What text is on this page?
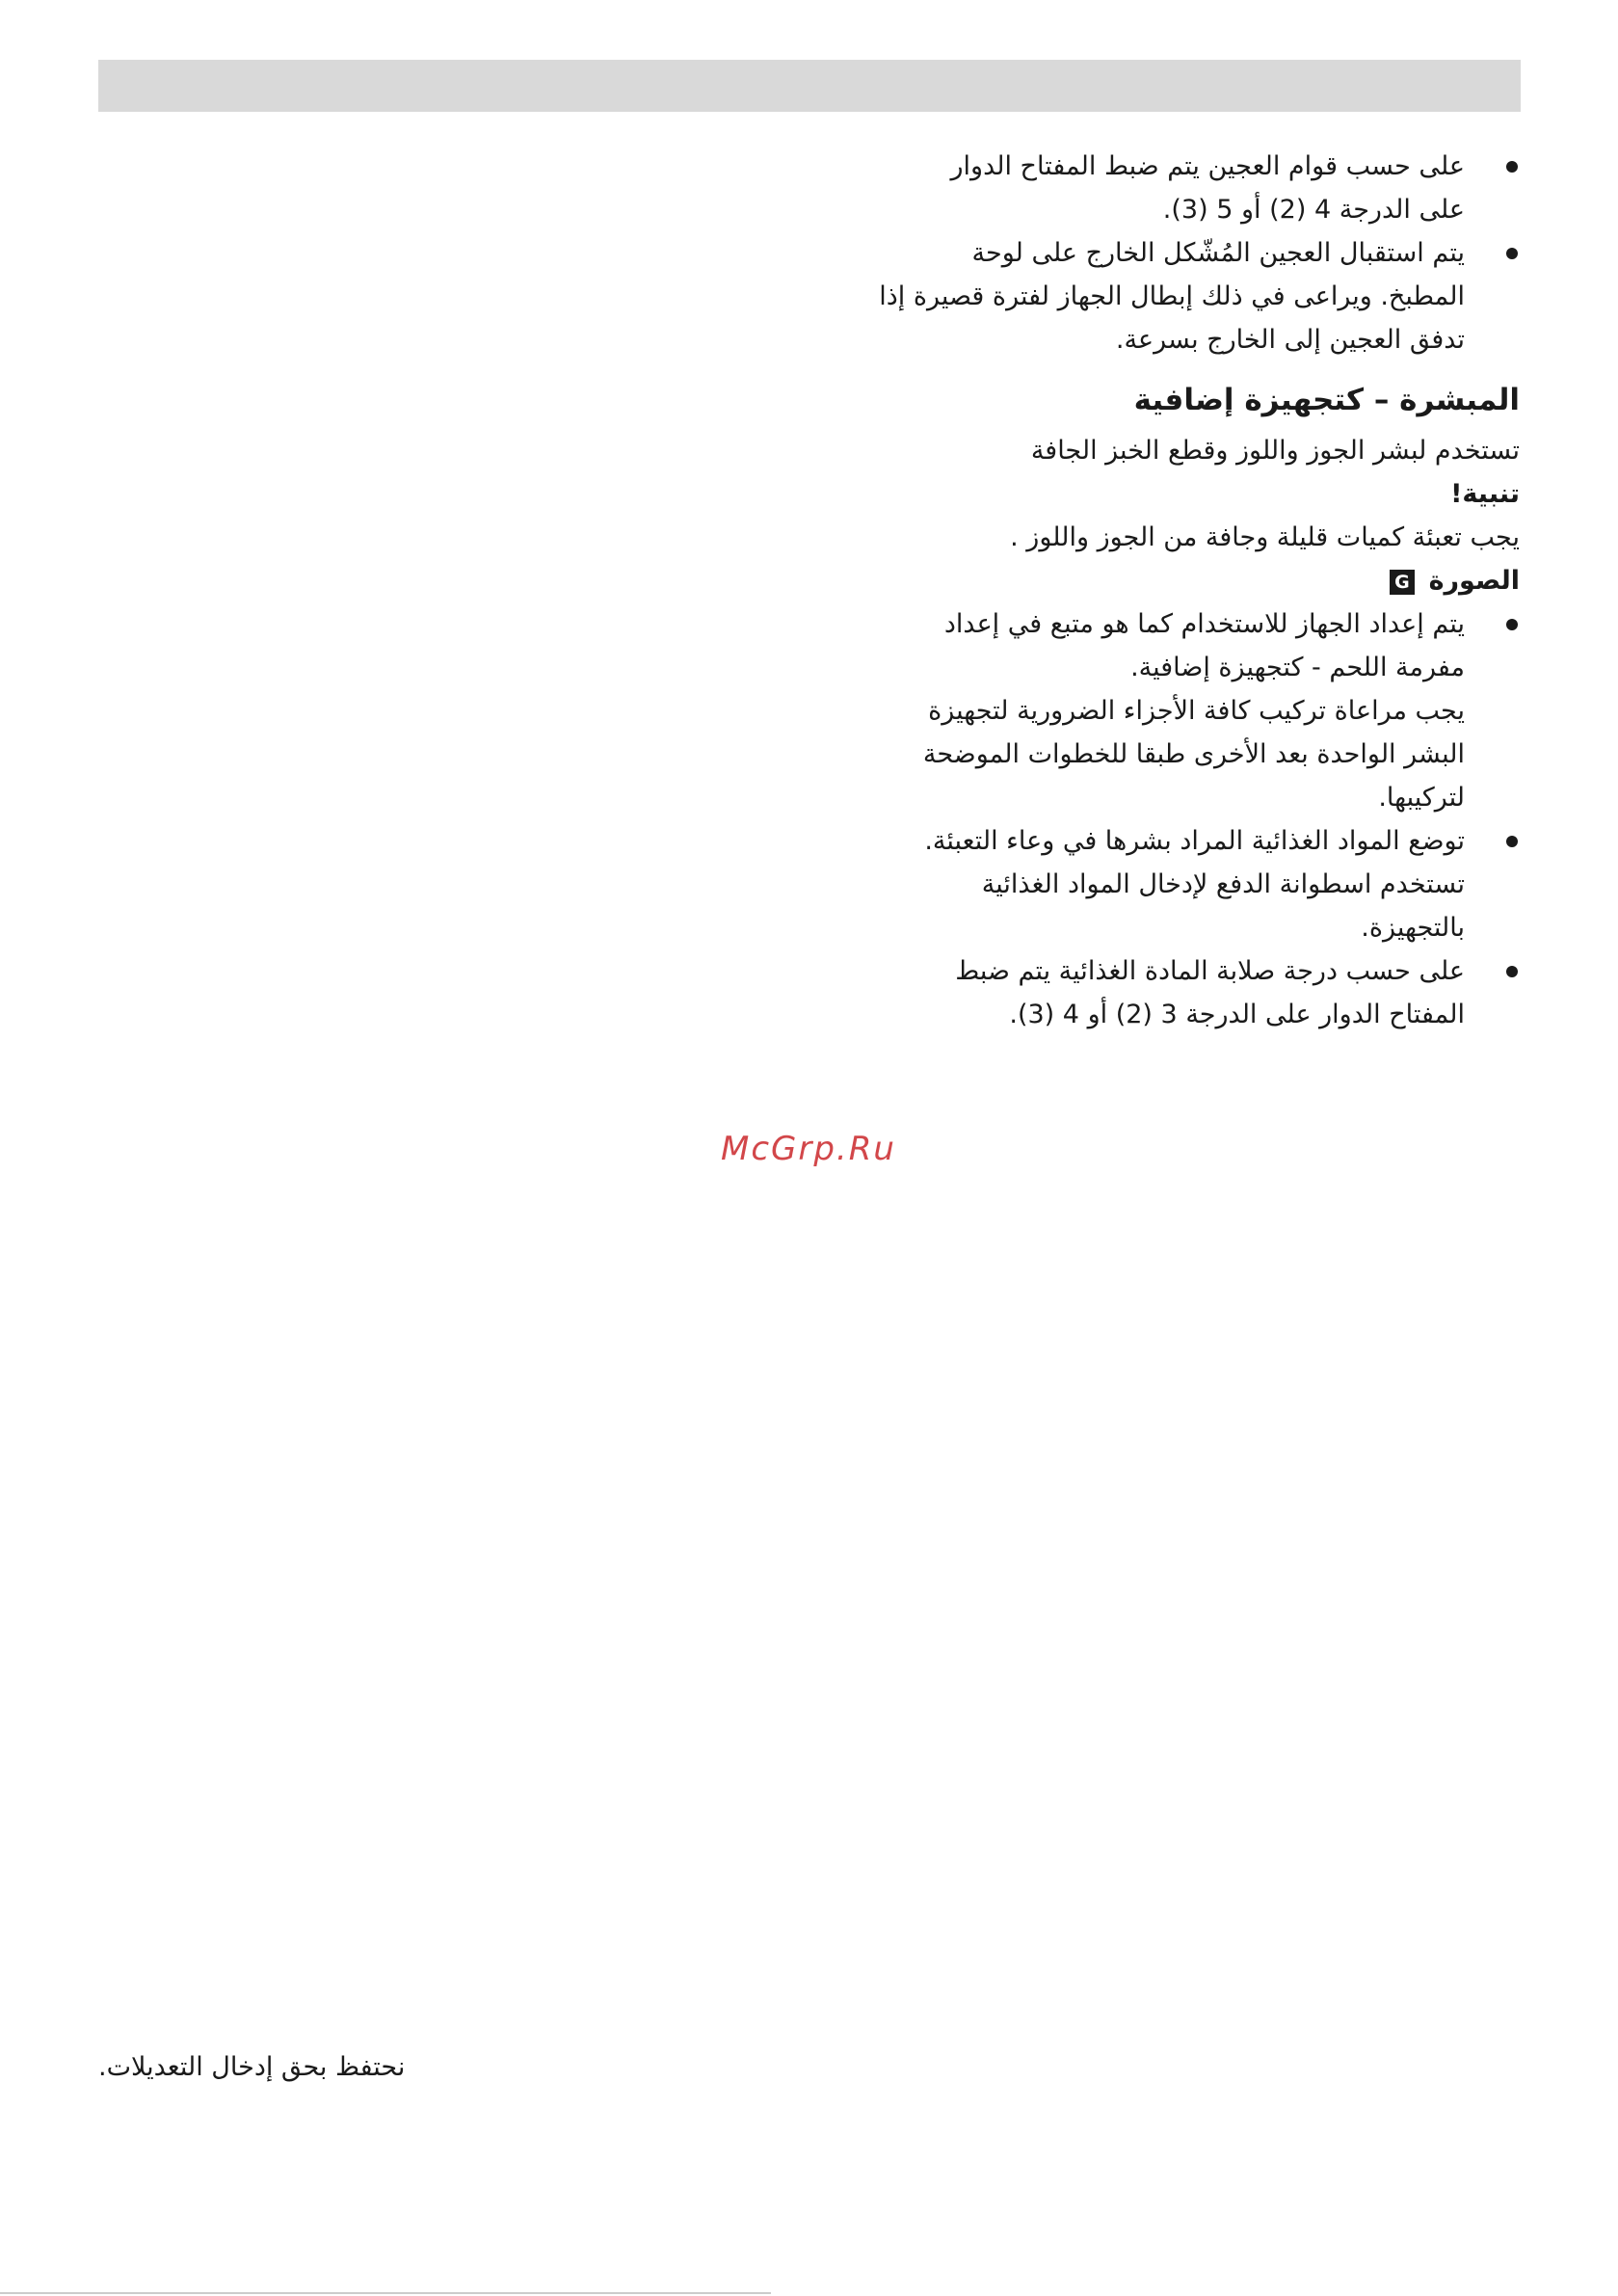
على حسب قوام العجين يتم ضبط المفتاح الدوار
على الدرجة 4 (2) أو 5 (3).
يتم استقبال العجين المُشّكل الخارج على لوحة
المطبخ. ويراعى في ذلك إبطال الجهاز لفترة قصيرة إذا
تدفق العجين إلى الخارج بسرعة.
المبشرة – كتجهيزة إضافية

تستخدم لبشر الجوز واللوز وقطع الخبز الجافة

تنبية!

يجب تعبئة كميات قليلة وجافة من الجوز واللوز .

الصورة G

يتم إعداد الجهاز للاستخدام كما هو متبع في إعداد
مفرمة اللحم - كتجهيزة إضافية.
يجب مراعاة تركيب كافة الأجزاء الضرورية لتجهيزة
البشر الواحدة بعد الأخرى طبقا للخطوات الموضحة
لتركيبها.
توضع المواد الغذائية المراد بشرها في وعاء التعبئة.
تستخدم اسطوانة الدفع لإدخال المواد الغذائية
بالتجهيزة.
على حسب درجة صلابة المادة الغذائية يتم ضبط
المفتاح الدوار على الدرجة 3 (2) أو 4 (3).
McGrp.Ru
نحتفظ بحق إدخال التعديلات.
